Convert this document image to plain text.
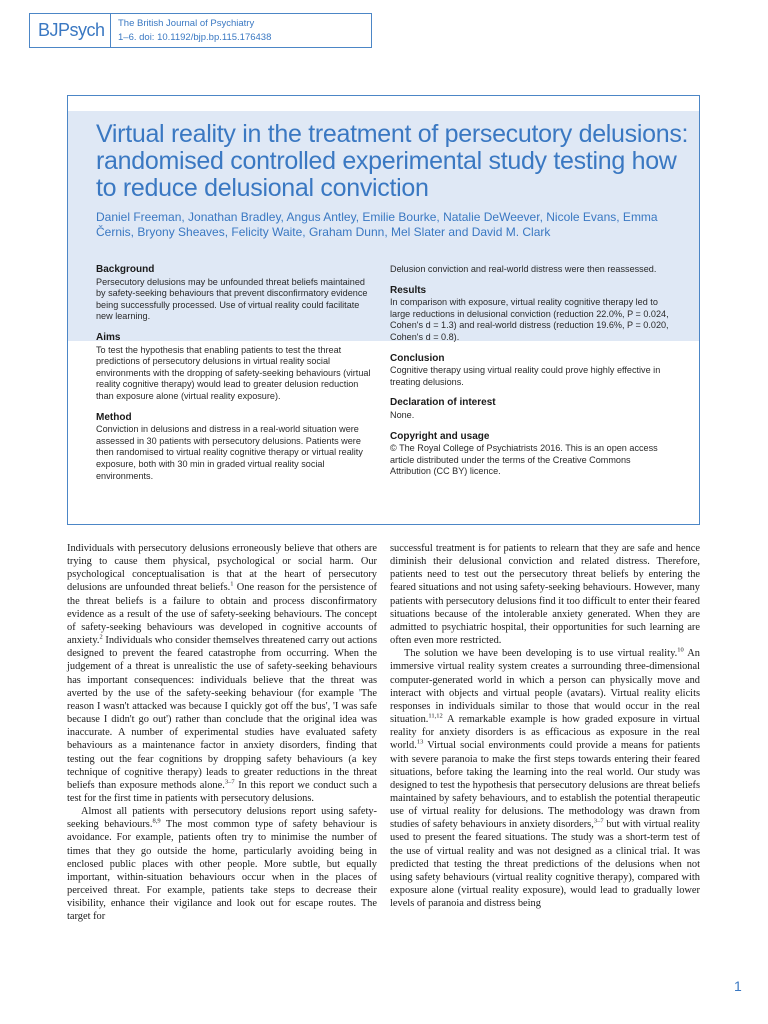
BJPsych The British Journal of Psychiatry
1–6. doi: 10.1192/bjp.bp.115.176438
Virtual reality in the treatment of persecutory delusions: randomised controlled experimental study testing how to reduce delusional conviction
Daniel Freeman, Jonathan Bradley, Angus Antley, Emilie Bourke, Natalie DeWeever, Nicole Evans, Emma Černis, Bryony Sheaves, Felicity Waite, Graham Dunn, Mel Slater and David M. Clark
Background

Persecutory delusions may be unfounded threat beliefs maintained by safety-seeking behaviours that prevent disconfirmatory evidence being successfully processed. Use of virtual reality could facilitate new learning.

Aims

To test the hypothesis that enabling patients to test the threat predictions of persecutory delusions in virtual reality social environments with the dropping of safety-seeking behaviours (virtual reality cognitive therapy) would lead to greater delusion reduction than exposure alone (virtual reality exposure).

Method

Conviction in delusions and distress in a real-world situation were assessed in 30 patients with persecutory delusions. Patients were then randomised to virtual reality cognitive therapy or virtual reality exposure, both with 30 min in graded virtual reality social environments.

Delusion conviction and real-world distress were then reassessed.

Results

In comparison with exposure, virtual reality cognitive therapy led to large reductions in delusional conviction (reduction 22.0%, P = 0.024, Cohen's d = 1.3) and real-world distress (reduction 19.6%, P = 0.020, Cohen's d = 0.8).

Conclusion

Cognitive therapy using virtual reality could prove highly effective in treating delusions.

Declaration of interest

None.

Copyright and usage

© The Royal College of Psychiatrists 2016. This is an open access article distributed under the terms of the Creative Commons Attribution (CC BY) licence.

Individuals with persecutory delusions erroneously believe that others are trying to cause them physical, psychological or social harm. Our psychological conceptualisation is that at the heart of persecutory delusions are unfounded threat beliefs.$^1$ One reason for the persistence of the threat beliefs is a failure to obtain and process disconfirmatory evidence as a result of the use of safety-seeking behaviours. The concept of safety-seeking behaviours was developed in cognitive accounts of anxiety.$^2$ Individuals who consider themselves threatened carry out actions designed to prevent the feared catastrophe from occurring. When the judgement of a threat is unrealistic the use of safety-seeking behaviours has important consequences: individuals believe that the threat was averted by the use of the safety-seeking behaviour (for example 'The reason I wasn't attacked was because I quickly got off the bus', 'I was safe because I didn't go out') rather than conclude that the original idea was inaccurate. A number of experimental studies have evaluated safety behaviours as a maintenance factor in anxiety disorders, finding that testing out the fear cognitions by dropping safety behaviours (a key technique of cognitive therapy) leads to greater reductions in the threat beliefs than exposure methods alone.$^{3-7}$ In this report we conduct such a test for the first time in patients with persecutory delusions.

Almost all patients with persecutory delusions report using safety-seeking behaviours.$^{8,9}$ The most common type of safety behaviour is avoidance. For example, patients often try to minimise the number of times that they go outside the home, particularly avoiding being in enclosed public places with other people. More subtle, but equally important, within-situation behaviours occur when in the places of perceived threat. For example, patients take steps to decrease their visibility, enhance their vigilance and look out for escape routes. The target for

successful treatment is for patients to relearn that they are safe and hence diminish their delusional conviction and related distress. Therefore, patients need to test out the persecutory threat beliefs by entering the feared situations and not using safety-seeking behaviours. However, many patients with persecutory delusions find it too difficult to enter their feared situations because of the intolerable anxiety generated. When they are admitted to psychiatric hospital, their opportunities for such learning are often even more restricted.

The solution we have been developing is to use virtual reality.$^{10}$ An immersive virtual reality system creates a surrounding three-dimensional computer-generated world in which a person can physically move and interact with objects and virtual people (avatars). Virtual reality elicits responses in individuals similar to those that would occur in the real situation.$^{11,12}$ A remarkable example is how graded exposure in virtual reality for anxiety disorders is as efficacious as exposure in the real world.$^{13}$ Virtual social environments could provide a means for patients with severe paranoia to make the first steps towards entering their feared situations, before taking the learning into the real world. Our study was designed to test the hypothesis that persecutory delusions are threat beliefs maintained by safety behaviours, and to establish the potential therapeutic use of virtual reality for delusions. The methodology was drawn from studies of safety behaviours in anxiety disorders,$^{3-7}$ but with virtual reality used to present the feared situations. The study was a short-term test of the use of virtual reality and was not designed as a clinical trial. It was predicted that testing the threat predictions of the delusions when not using safety behaviours (virtual reality cognitive therapy), compared with exposure alone (virtual reality exposure), would lead to gradually lower levels of paranoia and distress being

1
